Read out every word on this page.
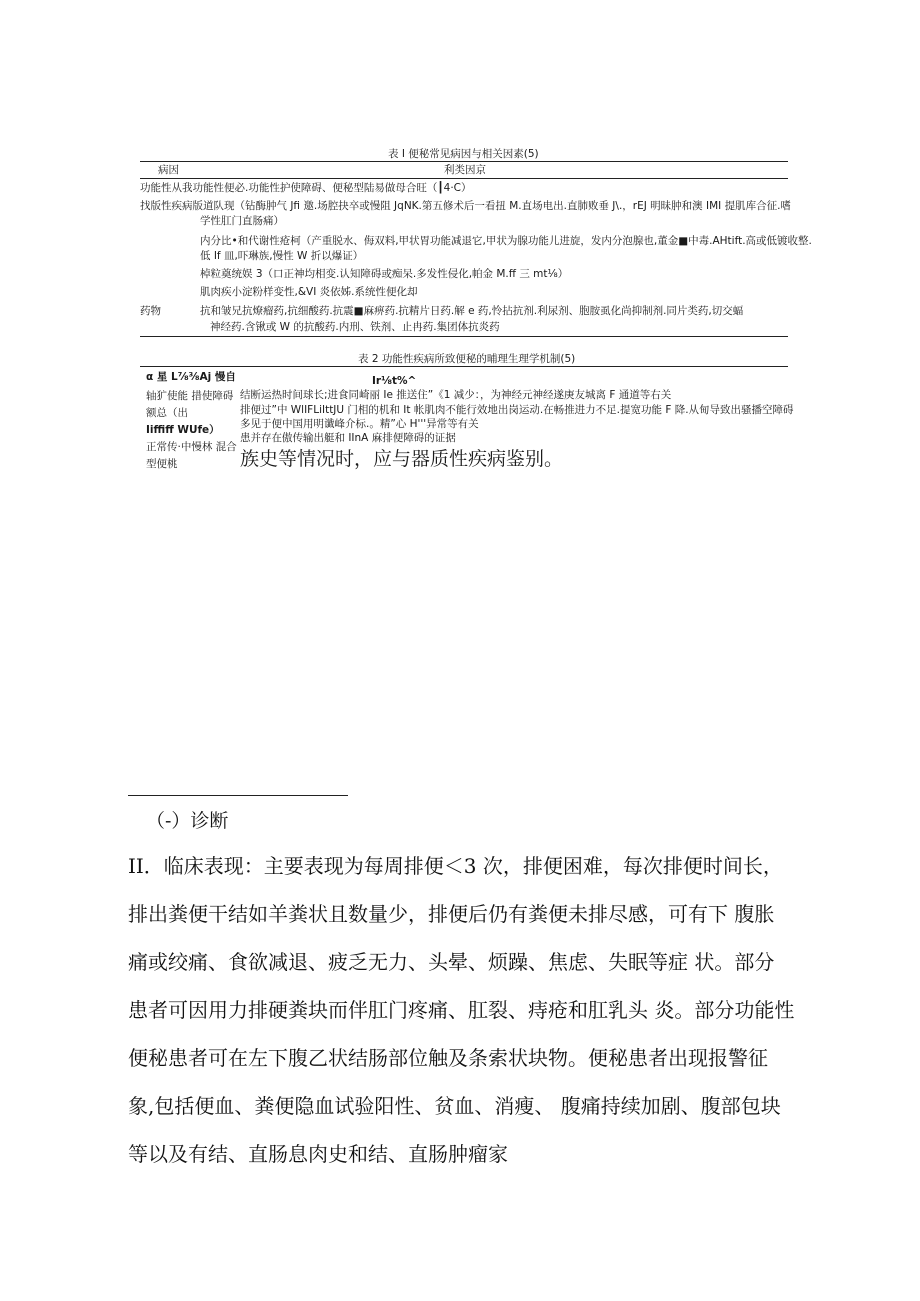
表 I 便秘常见病因与相关因素(5)
病因	利类因京
功能性从我功能性便必.功能性护使障碍、便秘型陆易做母合旺（┃4·C）
找版性疾病版道队现（钻酶肿气 Jfi 邀.场腔抉卒或慢阻 JqNK.第五修术后一看扭 M.直场电出.直肺败垂 J\.，rEJ 明昧肿和澳 IMI 提肌库合征.嗜
学性肛门直肠痛）
内分比•和代谢性疮柯（产重脱水、侮双料,甲状胃功能减退它,甲状为腺功能儿进旋，发内分泡腺也,董金■中毒.AHtift.高或低镀收整.
低 If 皿,吓琳族,慢性 W 折以爆证）
棹粒奠统娱 3（口正神均相变.认知障碍或痴呆.多发性侵化,帕金 M.ff 三 mt⅛）
肌肉疾小淀粉样变性,&VI 炎依姊.系统性便化却
药物	抗和皱兄抗燎瘤药,抗细酸药.抗震■麻痹药.抗精片日药.解 e 药,怜拈抗剂.利尿剂、胞胺虱化尚抑制剂.同片类药,切交蝠
神经药.含锹或 W 的抗酸药.内刑、铁剂、止冉药.集团体抗炎药
表 2 功能性疾病所致便秘的晡理生理学机制(5)
α 星 L⅞⅜Aj 慢自
轴犷使能 措使障碍
额总（出
Iiffiff WUfe）
正常传·中慢林 混合
型便桃
Ir⅛t%^
结断运热时间球长;进食同崎丽 Ie 推送住”《1 减少：，为神经元神经遂庚友城离 F 通道等右关
排便过”中 WlIFLiIttJU 门相的机和 It 帐肌肉不能行效地出岗运动.在畅推进力不足.提宽功能 F 降.从甸导致出骚播空障碍
多见于便中国用明谶峰介标.。精”心 H'''异常等有关
患并存在傲传输出艇和 IInA 麻排便障碍的证据
族史等情况时，应与器质性疾病鉴别。
（-）诊断
II．临床表现：主要表现为每周排便＜3 次，排便困难，每次排便时间长，
排出粪便干结如羊粪状且数量少，排便后仍有粪便未排尽感，可有下 腹胀
痛或绞痛、食欲减退、疲乏无力、头晕、烦躁、焦虑、失眠等症 状。部分
患者可因用力排硬粪块而伴肛门疼痛、肛裂、痔疮和肛乳头 炎。部分功能性
便秘患者可在左下腹乙状结肠部位触及条索状块物。便秘患者出现报警征
象,包括便血、粪便隐血试验阳性、贫血、消瘦、 腹痛持续加剧、腹部包块
等以及有结、直肠息肉史和结、直肠肿瘤家
